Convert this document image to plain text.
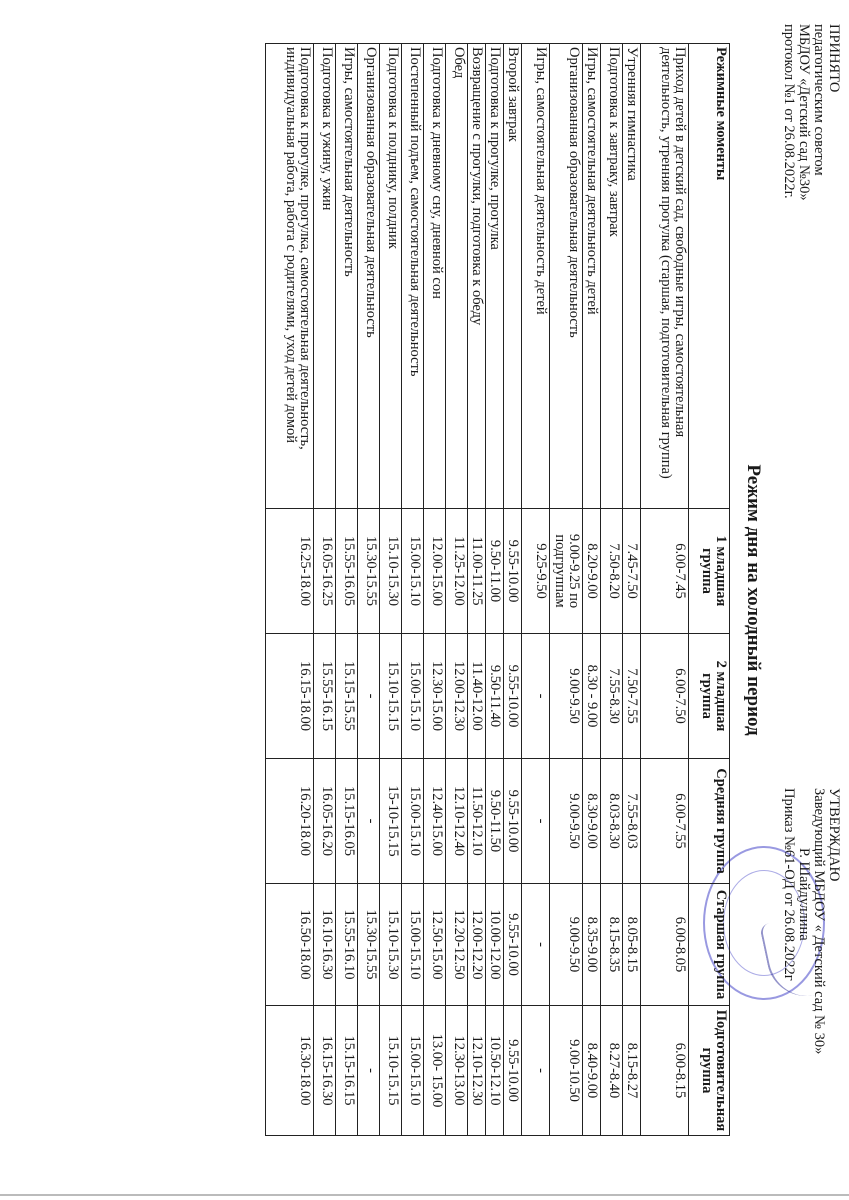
ПРИНЯТО
педагогическим советом
МБДОУ «Детский сад №30»
протокол №1 от 26.08.2022г.
УТВЕРЖДАЮ
Заведующий МБДОУ « Детский сад № 30»
Р. Шайдуллина
Приказ №61-ОД от 26.08.2022г
Режим дня на холодный период
Режимные моменты	1 младшая группа	2 младшая группа	Средняя группа	Старшая группа	Подготовительная группа
Приход детей в детский сад, свободные игры, самостоятельная деятельность, утренняя прогулка (старшая, подготовительная группа)	6.00-7.45	6.00-7.50	6.00-7.55	6.00-8.05	6.00-8.15
Утренняя гимнастика	7.45-7.50	7.50-7.55	7.55-8.03	8.05-8.15	8.15-8.27
Подготовка к завтраку, завтрак	7.50-8.20	7.55-8.30	8.03-8.30	8.15-8.35	8.27-8.40
Игры, самостоятельная деятельность детей	8.20-9.00	8.30 - 9.00	8.30-9.00	8.35-9.00	8.40-9.00
Организованная образовательная деятельность	9.00-9.25 по подгруппам	9.00-9.50	9.00-9.50	9.00-9.50	9.00-10.50
Игры, самостоятельная деятельность детей	9.25-9.50	-	-	-	-
Второй завтрак	9.55-10.00	9.55-10.00	9.55-10.00	9.55-10.00	9.55-10.00
Подготовка к прогулке, прогулка	9.50-11.00	9.50-11.40	9.50-11.50	10.00-12.00	10.50-12.10
Возвращение с прогулки, подготовка к обеду	11.00-11.25	11.40-12.00	11.50-12.10	12.00-12.20	12.10-12.30
Обед	11.25-12.00	12.00-12.30	12.10-12.40	12.20-12.50	12.30-13.00
Подготовка к дневному сну, дневной сон	12.00-15.00	12.30-15.00	12.40-15.00	12.50-15.00	13.00- 15.00
Постепенный подъем, самостоятельная деятельность	15.00-15.10	15.00-15.10	15.00-15.10	15.00-15.10	15.00-15.10
Подготовка к полднику, полдник	15.10-15.30	15.10-15.15	15-10-15.15	15.10-15.30	15.10-15.15
Организованная образовательная деятельность	15.30-15.55	-	-	15.30-15.55	-
Игры, самостоятельная деятельность	15.55-16.05	15.15-15.55	15.15-16.05	15.55-16.10	15.15-16.15
Подготовка к ужину, ужин	16.05-16.25	15.55-16.15	16.05-16.20	16.10-16.30	16.15-16.30
Подготовка к прогулке, прогулка, самостоятельная деятельность, индивидуальная работа, работа с родителями, уход детей домой	16.25-18.00	16.15-18.00	16.20-18.00	16.50-18.00	16.30-18.00
